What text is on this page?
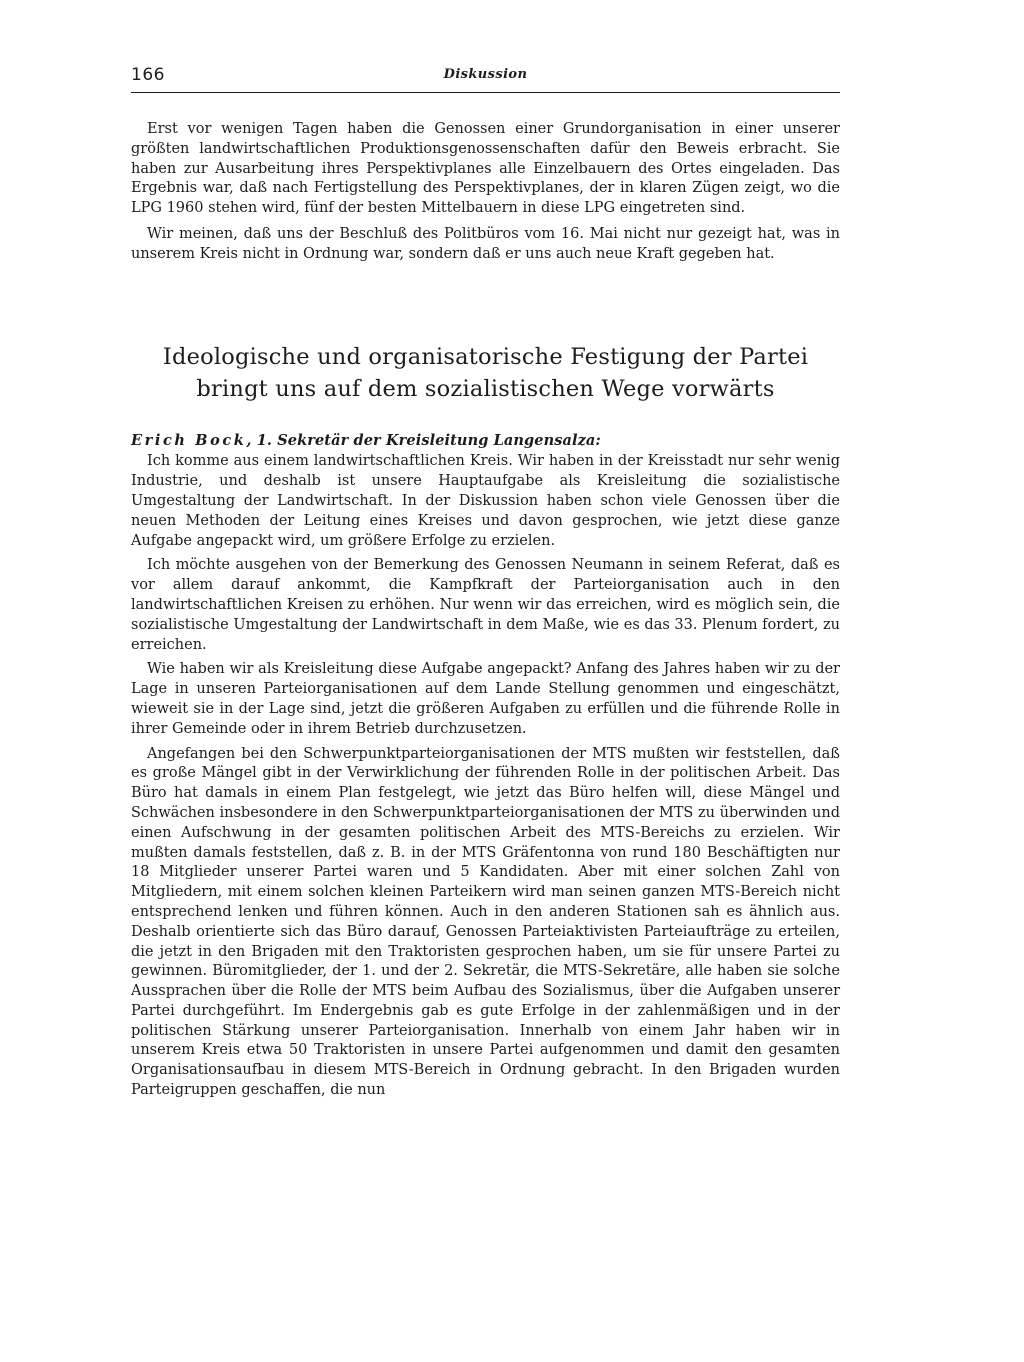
166	Diskussion

Erst vor wenigen Tagen haben die Genossen einer Grundorganisation in einer unserer größten landwirtschaftlichen Produktionsgenossenschaften dafür den Beweis erbracht. Sie haben zur Ausarbeitung ihres Perspektivplanes alle Einzelbauern des Ortes eingeladen. Das Ergebnis war, daß nach Fertigstellung des Perspektivplanes, der in klaren Zügen zeigt, wo die LPG 1960 stehen wird, fünf der besten Mittelbauern in diese LPG eingetreten sind.

Wir meinen, daß uns der Beschluß des Politbüros vom 16. Mai nicht nur gezeigt hat, was in unserem Kreis nicht in Ordnung war, sondern daß er uns auch neue Kraft gegeben hat.

Ideologische und organisatorische Festigung der Partei
bringt uns auf dem sozialistischen Wege vorwärts

Erich Bock, 1. Sekretär der Kreisleitung Langensalza:

Ich komme aus einem landwirtschaftlichen Kreis. Wir haben in der Kreisstadt nur sehr wenig Industrie, und deshalb ist unsere Hauptaufgabe als Kreisleitung die sozialistische Umgestaltung der Landwirtschaft. In der Diskussion haben schon viele Genossen über die neuen Methoden der Leitung eines Kreises und davon gesprochen, wie jetzt diese ganze Aufgabe angepackt wird, um größere Erfolge zu erzielen.

Ich möchte ausgehen von der Bemerkung des Genossen Neumann in seinem Referat, daß es vor allem darauf ankommt, die Kampfkraft der Parteiorganisation auch in den landwirtschaftlichen Kreisen zu erhöhen. Nur wenn wir das erreichen, wird es möglich sein, die sozialistische Umgestaltung der Landwirtschaft in dem Maße, wie es das 33. Plenum fordert, zu erreichen.

Wie haben wir als Kreisleitung diese Aufgabe angepackt? Anfang des Jahres haben wir zu der Lage in unseren Parteiorganisationen auf dem Lande Stellung genommen und eingeschätzt, wieweit sie in der Lage sind, jetzt die größeren Aufgaben zu erfüllen und die führende Rolle in ihrer Gemeinde oder in ihrem Betrieb durchzusetzen.

Angefangen bei den Schwerpunktparteiorganisationen der MTS mußten wir feststellen, daß es große Mängel gibt in der Verwirklichung der führenden Rolle in der politischen Arbeit. Das Büro hat damals in einem Plan festgelegt, wie jetzt das Büro helfen will, diese Mängel und Schwächen insbesondere in den Schwerpunktparteiorganisationen der MTS zu überwinden und einen Aufschwung in der gesamten politischen Arbeit des MTS-Bereichs zu erzielen. Wir mußten damals feststellen, daß z. B. in der MTS Gräfentonna von rund 180 Beschäftigten nur 18 Mitglieder unserer Partei waren und 5 Kandidaten. Aber mit einer solchen Zahl von Mitgliedern, mit einem solchen kleinen Parteikern wird man seinen ganzen MTS-Bereich nicht entsprechend lenken und führen können. Auch in den anderen Stationen sah es ähnlich aus. Deshalb orientierte sich das Büro darauf, Genossen Parteiaktivisten Parteiaufträge zu erteilen, die jetzt in den Brigaden mit den Traktoristen gesprochen haben, um sie für unsere Partei zu gewinnen. Büromitglieder, der 1. und der 2. Sekretär, die MTS-Sekretäre, alle haben sie solche Aussprachen über die Rolle der MTS beim Aufbau des Sozialismus, über die Aufgaben unserer Partei durchgeführt. Im Endergebnis gab es gute Erfolge in der zahlenmäßigen und in der politischen Stärkung unserer Parteiorganisation. Innerhalb von einem Jahr haben wir in unserem Kreis etwa 50 Traktoristen in unsere Partei aufgenommen und damit den gesamten Organisationsaufbau in diesem MTS-Bereich in Ordnung gebracht. In den Brigaden wurden Parteigruppen geschaffen, die nun
